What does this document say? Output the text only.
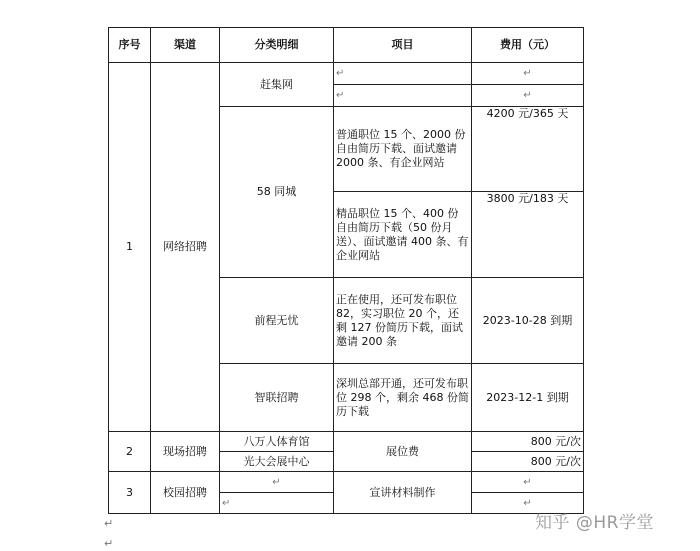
序号	渠道	分类明细	项目	费用（元）
1	网络招聘	赶集网	↵	↵
			↵	↵
		58 同城	普通职位 15 个、2000 份自由简历下载、面试邀请 2000 条、有企业网站	4200 元/365 天
			精品职位 15 个、400 份自由简历下载（50 份月送）、面试邀请 400 条、有企业网站	3800 元/183 天
		前程无忧	正在使用，还可发布职位 82，实习职位 20 个，还剩 127 份简历下载，面试邀请 200 条	2023-10-28 到期
		智联招聘	深圳总部开通，还可发布职位 298 个，剩余 468 份简历下载	2023-12-1 到期
2	现场招聘	八万人体育馆	展位费	800 元/次
		光大会展中心		800 元/次
3	校园招聘	↵	宣讲材料制作	↵
		↵		↵
↵
↵
知乎 @HR学堂
